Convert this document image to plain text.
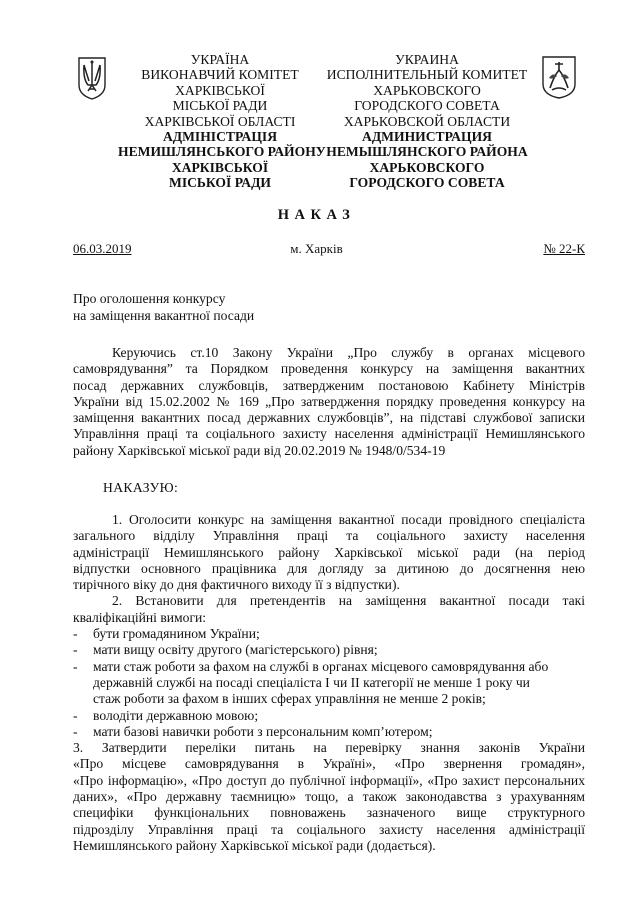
УКРАЇНА
ВИКОНАВЧИЙ КОМІТЕТ
ХАРКІВСЬКОЇ
МІСЬКОЇ РАДИ
ХАРКІВСЬКОЇ ОБЛАСТІ
АДМІНІСТРАЦІЯ
НЕМИШЛЯНСЬКОГО РАЙОНУ
ХАРКІВСЬКОЇ
МІСЬКОЇ РАДИ
УКРАИНА
ИСПОЛНИТЕЛЬНЫЙ КОМИТЕТ
ХАРЬКОВСКОГО
ГОРОДСКОГО СОВЕТА
ХАРЬКОВСКОЙ ОБЛАСТИ
АДМИНИСТРАЦИЯ
НЕМЫШЛЯНСКОГО РАЙОНА
ХАРЬКОВСКОГО
ГОРОДСКОГО СОВЕТА
НАКАЗ
06.03.2019	м. Харків	№ 22-К
Про оголошення конкурсу
на заміщення вакантної посади
Керуючись ст.10 Закону України „Про службу в органах місцевого
самоврядування” та Порядком проведення конкурсу на заміщення вакантних
посад державних службовців, затвердженим постановою Кабінету Міністрів
України від 15.02.2002 № 169 „Про затвердження порядку проведення конкурсу на
заміщення вакантних посад державних службовців”, на підставі службової записки
Управління праці та соціального захисту населення адміністрації Немишлянського
району Харківської міської ради від 20.02.2019 № 1948/0/534-19
НАКАЗУЮ:
1. Оголосити конкурс на заміщення вакантної посади провідного спеціаліста
загального відділу Управління праці та соціального захисту населення
адміністрації Немишлянського району Харківської міської ради (на період
відпустки основного працівника для догляду за дитиною до досягнення нею
тирічного віку до дня фактичного виходу її з відпустки).
2. Встановити для претендентів на заміщення вакантної посади такі
кваліфікаційні вимоги:
- бути громадянином України;
- мати вищу освіту другого (магістерського) рівня;
- мати стаж роботи за фахом на службі в органах місцевого самоврядування або
державній службі на посаді спеціаліста I чи II категорії не менше 1 року чи
стаж роботи за фахом в інших сферах управління не менше 2 років;
- володіти державною мовою;
- мати базові навички роботи з персональним комп’ютером;
3. Затвердити переліки питань на перевірку знання законів України
«Про місцеве самоврядування в Україні», «Про звернення громадян»,
«Про інформацію», «Про доступ до публічної інформації», «Про захист персональних
даних», «Про державну таємницю» тощо, а також законодавства з урахуванням
специфіки функціональних повноважень зазначеного вище структурного
підрозділу Управління праці та соціального захисту населення адміністрації
Немишлянського району Харківської міської ради (додається).
